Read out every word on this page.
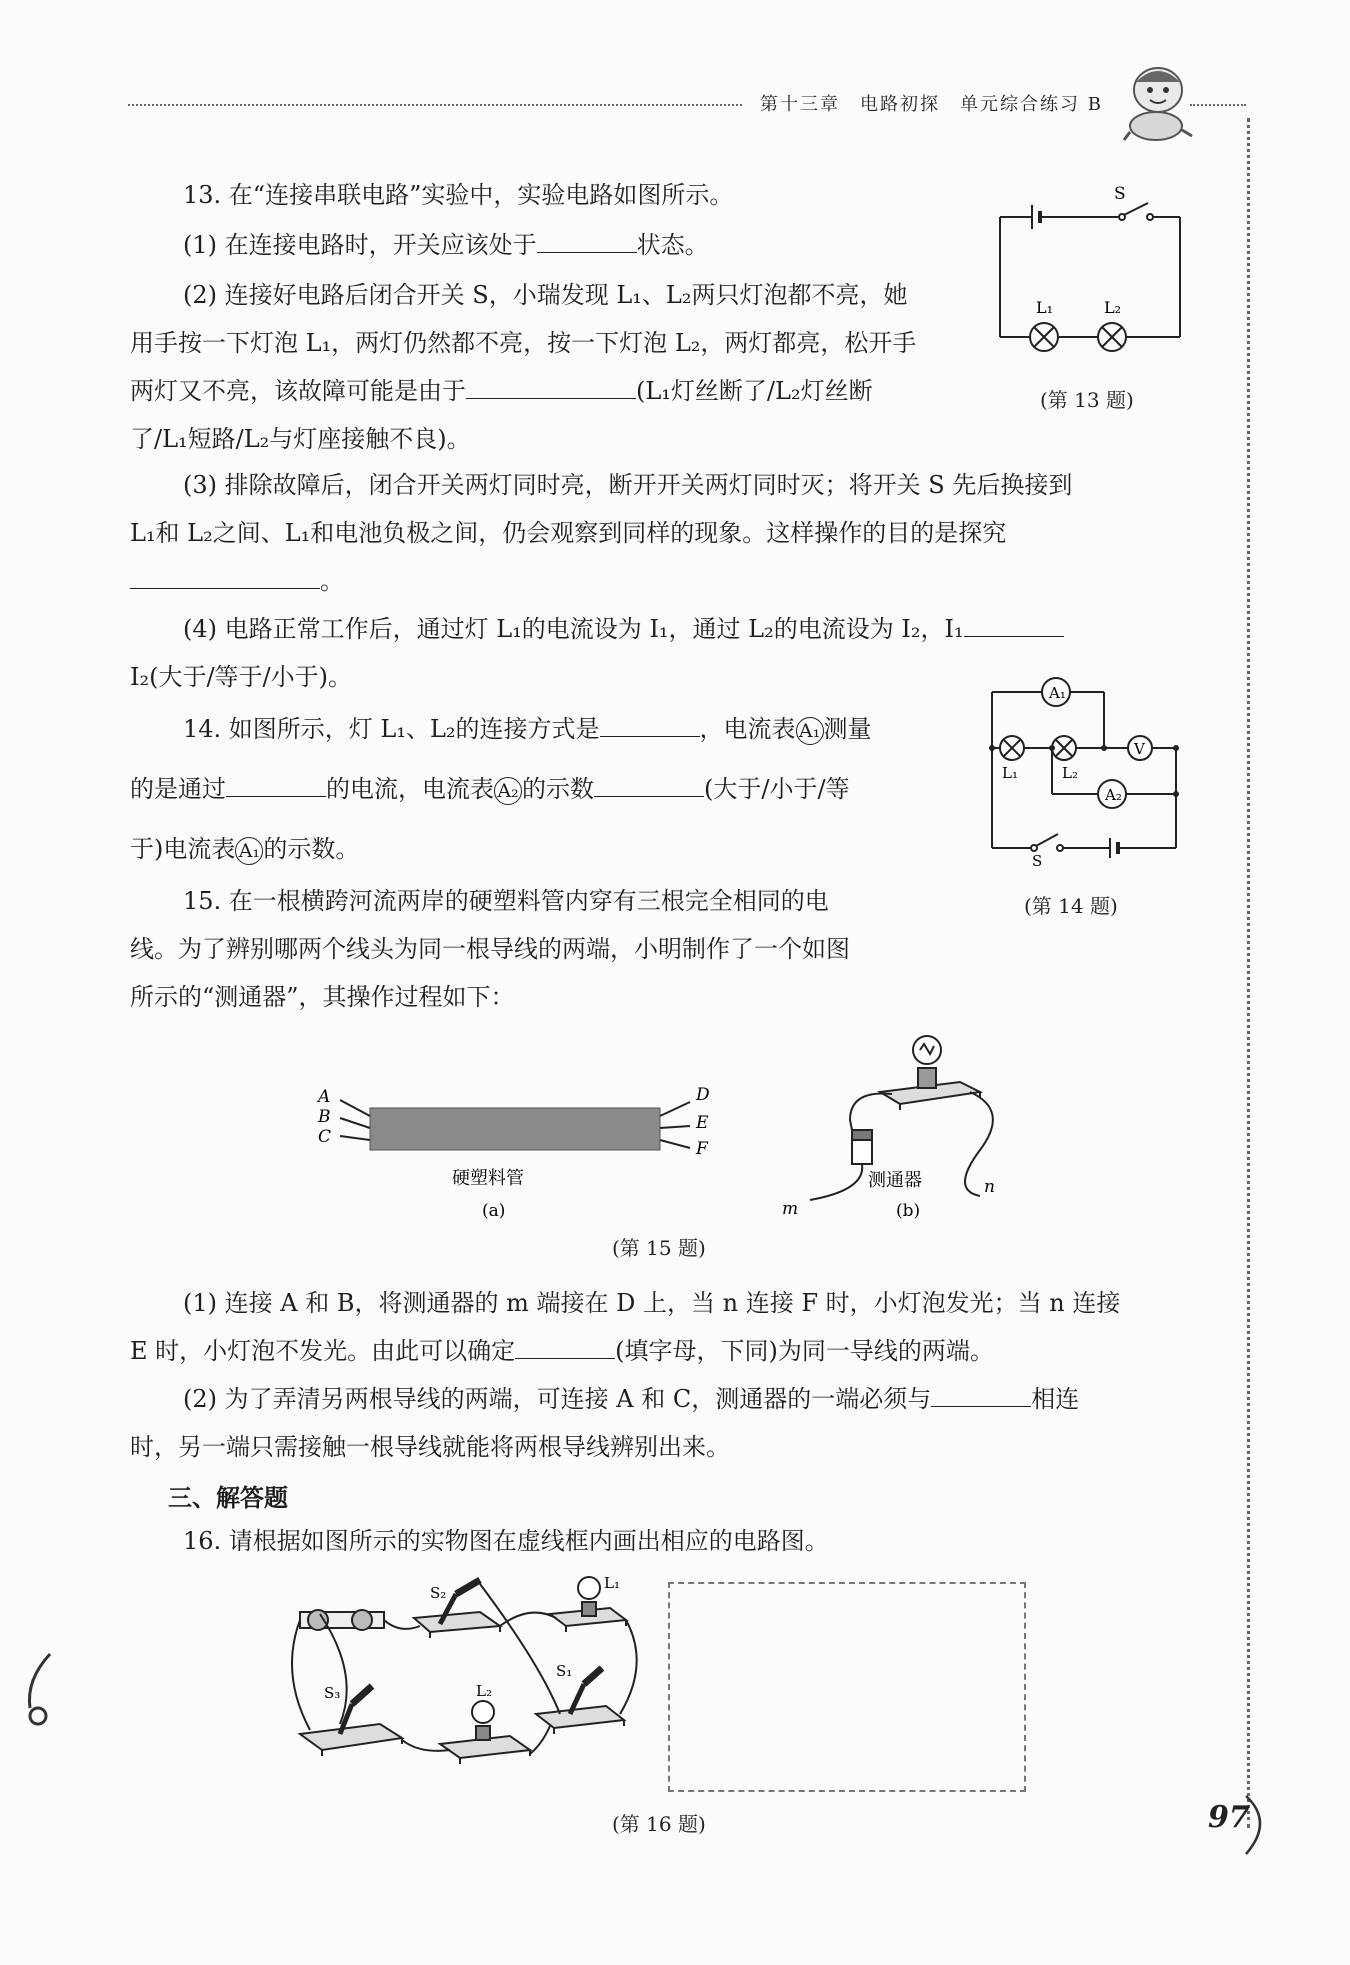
第十三章　电路初探　单元综合练习 B
13. 在“连接串联电路”实验中，实验电路如图所示。
(1) 在连接电路时，开关应该处于	状态。
(2) 连接好电路后闭合开关 S，小瑞发现 L₁、L₂两只灯泡都不亮，她
用手按一下灯泡 L₁，两灯仍然都不亮，按一下灯泡 L₂，两灯都亮，松开手
两灯又不亮，该故障可能是由于	(L₁灯丝断了/L₂灯丝断
了/L₁短路/L₂与灯座接触不良)。
S
L₁	L₂
(第 13 题)
(3) 排除故障后，闭合开关两灯同时亮，断开开关两灯同时灭；将开关 S 先后换接到
L₁和 L₂之间、L₁和电池负极之间，仍会观察到同样的现象。这样操作的目的是探究
。
(4) 电路正常工作后，通过灯 L₁的电流设为 I₁，通过 L₂的电流设为 I₂，I₁
I₂(大于/等于/小于)。
14. 如图所示，灯 L₁、L₂的连接方式是	，电流表 A₁ 测量
的是通过	的电流，电流表 A₂ 的示数	(大于/小于/等
于)电流表 A₁ 的示数。
A₁
V
A₂
L₁	L₂
S
(第 14 题)
15. 在一根横跨河流两岸的硬塑料管内穿有三根完全相同的电
线。为了辨别哪两个线头为同一根导线的两端，小明制作了一个如图
所示的“测通器”，其操作过程如下：
A
B
C
D
E
F
硬塑料管
(a)	m
n
测通器
(b)
(第 15 题)
(1) 连接 A 和 B，将测通器的 m 端接在 D 上，当 n 连接 F 时，小灯泡发光；当 n 连接
E 时，小灯泡不发光。由此可以确定	(填字母，下同)为同一导线的两端。
(2) 为了弄清另两根导线的两端，可连接 A 和 C，测通器的一端必须与	相连
时，另一端只需接触一根导线就能将两根导线辨别出来。
三、解答题
16. 请根据如图所示的实物图在虚线框内画出相应的电路图。
S₂
L₁
S₃	L₂
S₁
(第 16 题)	97
